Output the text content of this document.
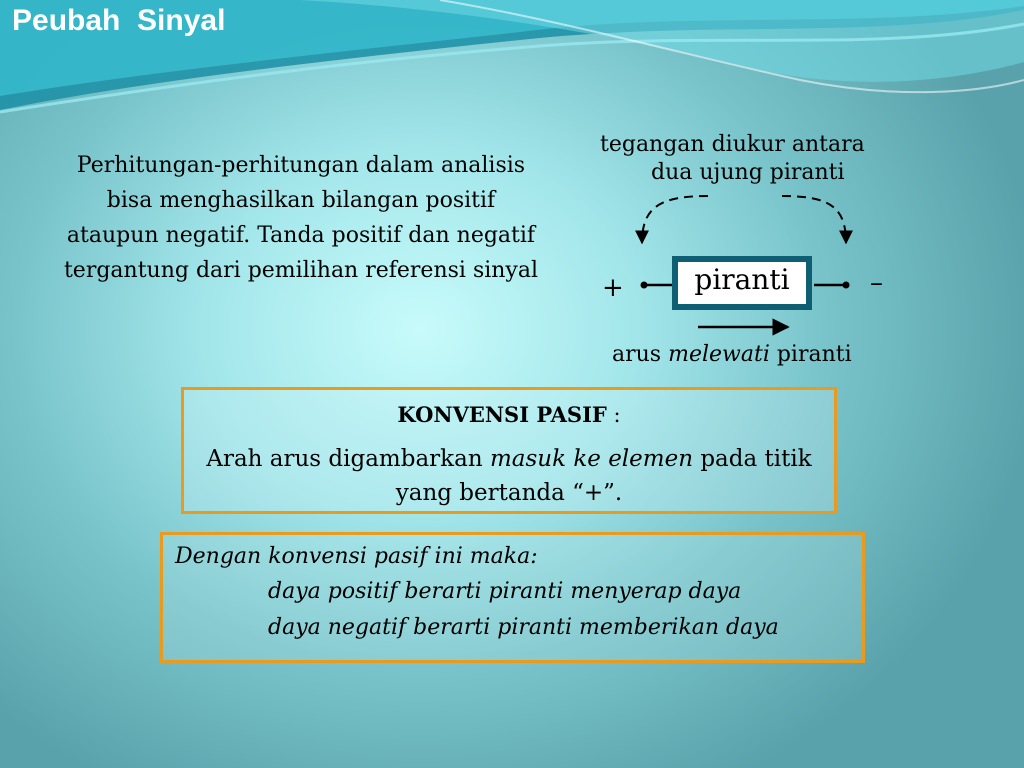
Peubah  Sinyal

Perhitungan-perhitungan dalam analisis bisa menghasilkan bilangan positif ataupun negatif. Tanda positif dan negatif tergantung dari pemilihan referensi sinyal

tegangan diukur antara
dua ujung piranti
piranti
+	–
arus melewati piranti
KONVENSI PASIF :
Arah arus digambarkan masuk ke elemen pada titik yang bertanda “+”.
Dengan konvensi pasif ini maka:
daya positif berarti piranti menyerap daya
daya negatif berarti piranti memberikan daya
